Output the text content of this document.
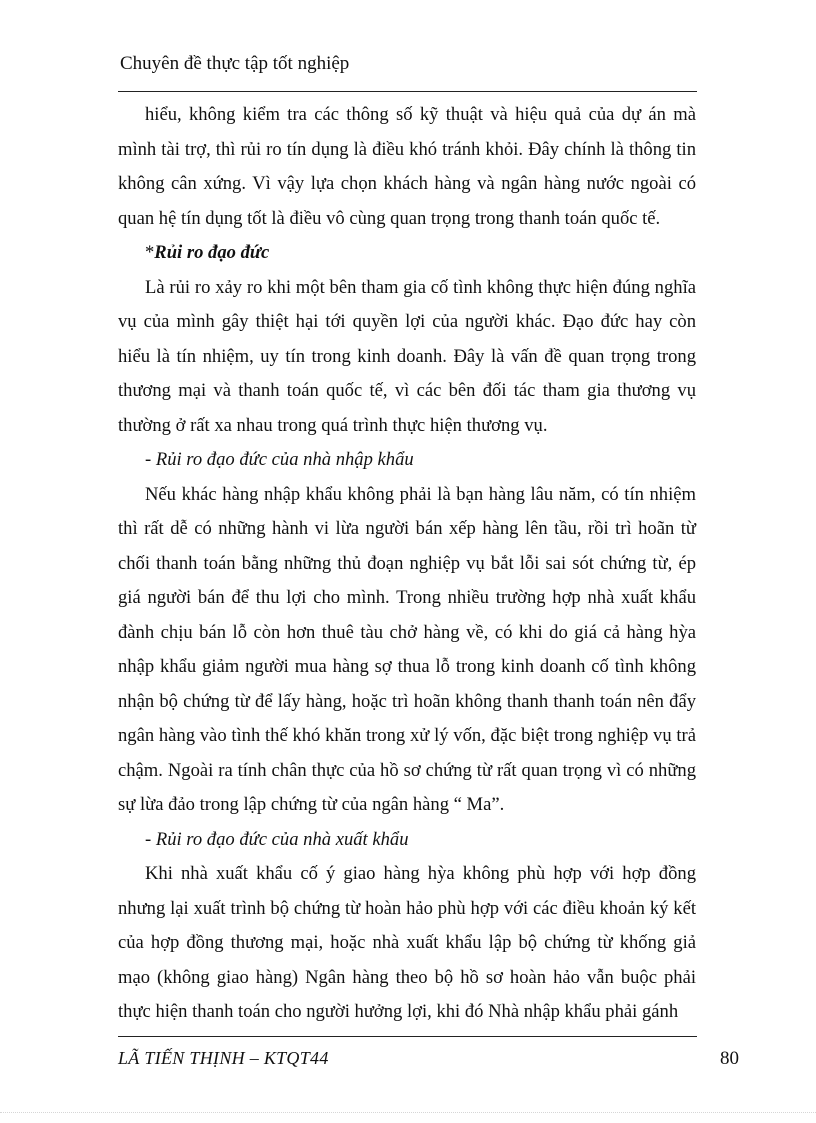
Chuyên đề thực tập tốt nghiệp

hiểu, không kiểm tra các thông số kỹ thuật và hiệu quả của dự án mà mình tài trợ, thì rủi ro tín dụng là điều khó tránh khỏi. Đây chính là thông tin không cân xứng. Vì vậy lựa chọn khách hàng và ngân hàng nước ngoài có quan hệ tín dụng tốt là điều vô cùng quan trọng trong thanh toán quốc tế.

*Rủi ro đạo đức

Là rủi ro xảy ro khi một bên tham gia cố tình không thực hiện đúng nghĩa vụ của mình gây thiệt hại tới quyền lợi của người khác. Đạo đức hay còn hiểu là tín nhiệm, uy tín trong kinh doanh. Đây là vấn đề quan trọng trong thương mại và thanh toán quốc tế, vì các bên đối tác tham gia thương vụ thường ở rất xa nhau trong quá trình thực hiện thương vụ.

- Rủi ro đạo đức của nhà nhập khẩu

Nếu khác hàng nhập khẩu không phải là bạn hàng lâu năm, có tín nhiệm thì rất dễ có những hành vi lừa người bán xếp hàng lên tầu, rồi trì hoãn từ chối thanh toán bằng những thủ đoạn nghiệp vụ bắt lỗi sai sót chứng từ, ép giá người bán để thu lợi cho mình. Trong nhiều trường hợp nhà xuất khẩu đành chịu bán lỗ còn hơn thuê tàu chở hàng về, có khi do giá cả hàng hỳa nhập khẩu giảm người mua hàng sợ thua lỗ trong kinh doanh cố tình không nhận bộ chứng từ để lấy hàng, hoặc trì hoãn không thanh thanh toán nên đẩy ngân hàng vào tình thế khó khăn trong xử lý vốn, đặc biệt trong nghiệp vụ trả chậm. Ngoài ra tính chân thực của hồ sơ chứng từ rất quan trọng vì có những sự lừa đảo trong lập chứng từ của ngân hàng “ Ma”.

- Rủi ro đạo đức của nhà xuất khẩu

Khi nhà xuất khẩu cố ý giao hàng hỳa không phù hợp với hợp đồng nhưng lại xuất trình bộ chứng từ hoàn hảo phù hợp với các điều khoản ký kết của hợp đồng thương mại, hoặc nhà xuất khẩu lập bộ chứng từ khống giả mạo (không giao hàng) Ngân hàng theo bộ hồ sơ hoàn hảo vẫn buộc phải thực hiện thanh toán cho người hưởng lợi, khi đó Nhà nhập khẩu phải gánh

LÃ TIẾN THỊNH – KTQT44	80
